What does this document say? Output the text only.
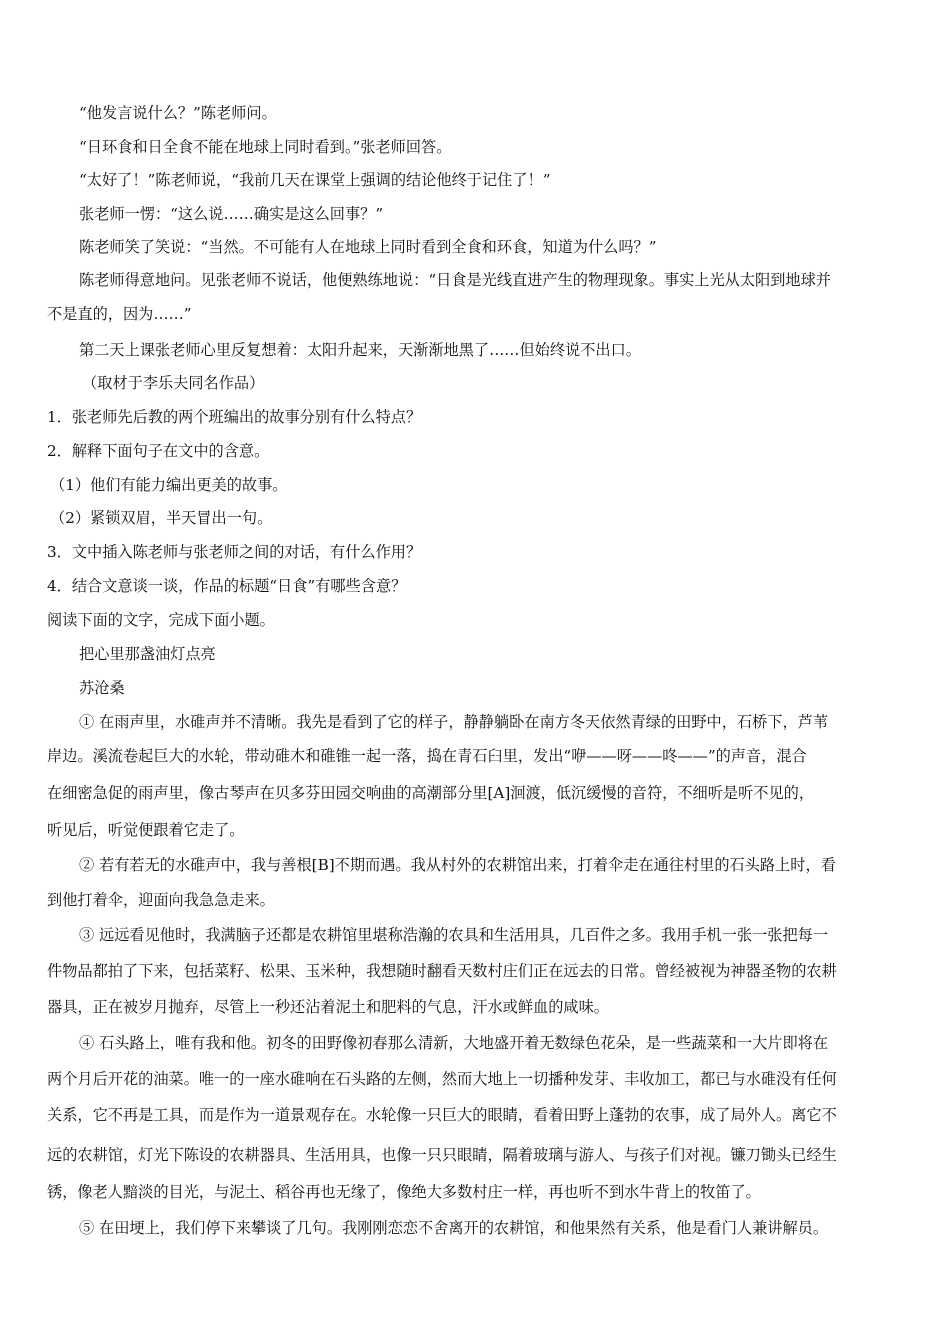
“他发言说什么？”陈老师问。
“日环食和日全食不能在地球上同时看到。”张老师回答。
“太好了！”陈老师说，“我前几天在课堂上强调的结论他终于记住了！”
张老师一愣：“这么说……确实是这么回事？”
陈老师笑了笑说：“当然。不可能有人在地球上同时看到全食和环食，知道为什么吗？”
陈老师得意地问。见张老师不说话，他便熟练地说：“日食是光线直进产生的物理现象。事实上光从太阳到地球并
不是直的，因为……”
第二天上课张老师心里反复想着：太阳升起来，天渐渐地黑了……但始终说不出口。
（取材于李乐夫同名作品）
1．张老师先后教的两个班编出的故事分别有什么特点？
2．解释下面句子在文中的含意。
（1）他们有能力编出更美的故事。
（2）紧锁双眉，半天冒出一句。
3．文中插入陈老师与张老师之间的对话，有什么作用？
4．结合文意谈一谈，作品的标题“日食”有哪些含意？
阅读下面的文字，完成下面小题。
把心里那盏油灯点亮
苏沧桑
① 在雨声里，水碓声并不清晰。我先是看到了它的样子，静静躺卧在南方冬天依然青绿的田野中，石桥下，芦苇
岸边。溪流卷起巨大的水轮，带动碓木和碓锥一起一落，捣在青石臼里，发出“咿——呀——咚——”的声音，混合
在细密急促的雨声里，像古琴声在贝多芬田园交响曲的高潮部分里[A]洄渡，低沉缓慢的音符，不细听是听不见的，
听见后，听觉便跟着它走了。
② 若有若无的水碓声中，我与善根[B]不期而遇。我从村外的农耕馆出来，打着伞走在通往村里的石头路上时，看
到他打着伞，迎面向我急急走来。
③ 远远看见他时，我满脑子还都是农耕馆里堪称浩瀚的农具和生活用具，几百件之多。我用手机一张一张把每一
件物品都拍了下来，包括菜籽、松果、玉米种，我想随时翻看天数村庄们正在远去的日常。曾经被视为神器圣物的农耕
器具，正在被岁月抛弃，尽管上一秒还沾着泥土和肥料的气息，汗水或鲜血的咸味。
④ 石头路上，唯有我和他。初冬的田野像初春那么清新，大地盛开着无数绿色花朵，是一些蔬菜和一大片即将在
两个月后开花的油菜。唯一的一座水碓响在石头路的左侧，然而大地上一切播种发芽、丰收加工，都已与水碓没有任何
关系，它不再是工具，而是作为一道景观存在。水轮像一只巨大的眼睛，看着田野上蓬勃的农事，成了局外人。离它不
远的农耕馆，灯光下陈设的农耕器具、生活用具，也像一只只眼睛，隔着玻璃与游人、与孩子们对视。镰刀锄头已经生
锈，像老人黯淡的目光，与泥土、稻谷再也无缘了，像绝大多数村庄一样，再也听不到水牛背上的牧笛了。
⑤ 在田埂上，我们停下来攀谈了几句。我刚刚恋恋不舍离开的农耕馆，和他果然有关系，他是看门人兼讲解员。
